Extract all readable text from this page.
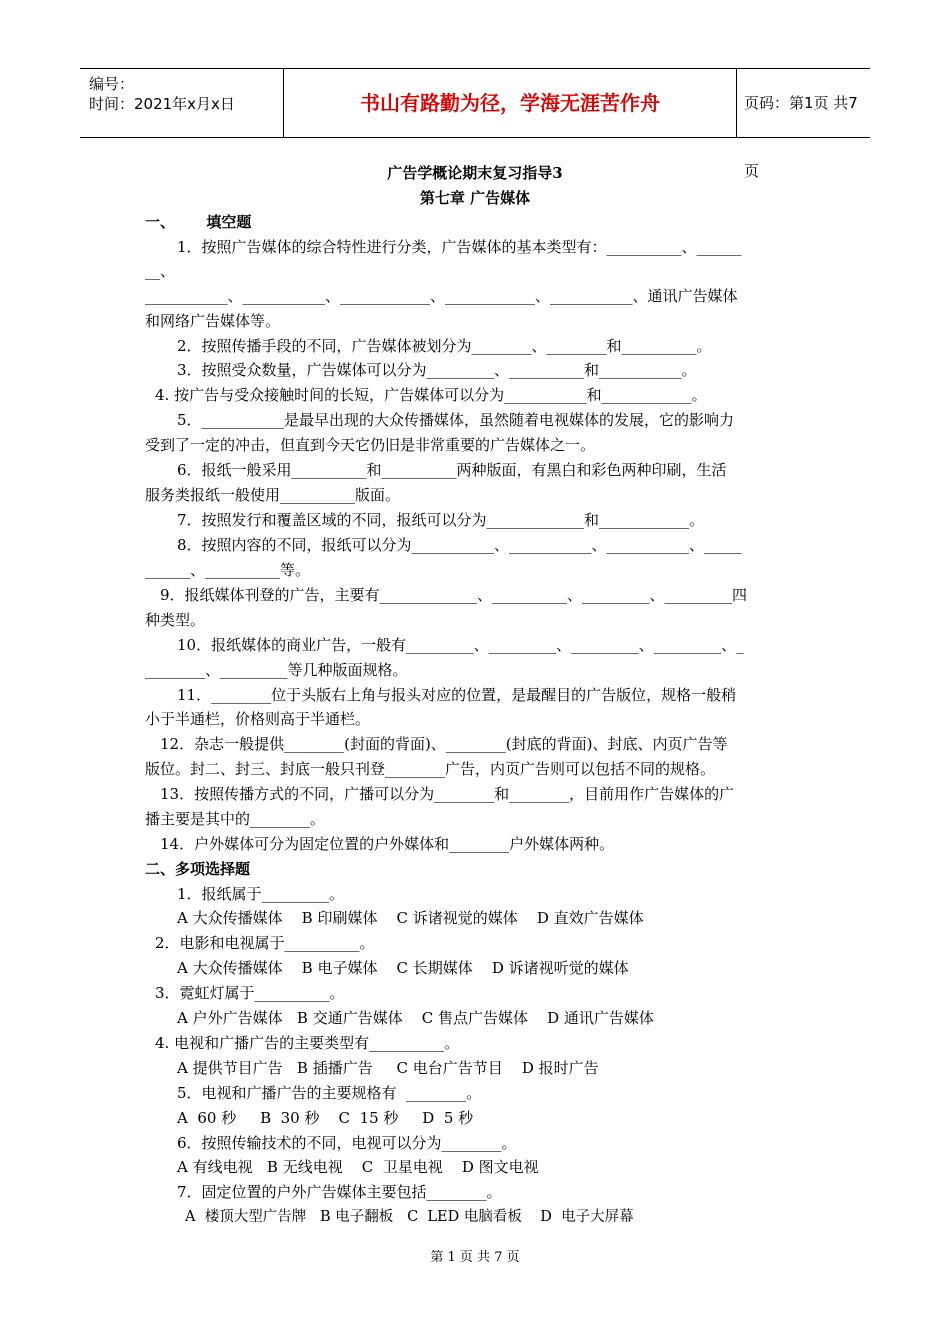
编号：
时间：2021年x月x日	书山有路勤为径，学海无涯苦作舟	页码：第1页 共7页
广告学概论期末复习指导3
第七章 广告媒体
一、      填空题
1．按照广告媒体的综合特性进行分类，广告媒体的基本类型有：__________、______
__、
___________、___________、____________、____________、___________、通讯广告媒体
和网络广告媒体等。
2．按照传播手段的不同，广告媒体被划分为________、________和__________。
3．按照受众数量，广告媒体可以分为_________、__________和___________。
4. 按广告与受众接触时间的长短，广告媒体可以分为___________和____________。
5．___________是最早出现的大众传播媒体，虽然随着电视媒体的发展，它的影响力
受到了一定的冲击，但直到今天它仍旧是非常重要的广告媒体之一。
6．报纸一般采用__________和__________两种版面，有黑白和彩色两种印刷，生活
服务类报纸一般使用__________版面。
7．按照发行和覆盖区域的不同，报纸可以分为_____________和____________。
8．按照内容的不同，报纸可以分为___________、___________、___________、_____
______、__________等。
9．报纸媒体刊登的广告，主要有_____________、__________、_________、_________四
种类型。
10．报纸媒体的商业广告，一般有_________、_________、_________、_________、_
________、_________等几种版面规格。
11．________位于头版右上角与报头对应的位置，是最醒目的广告版位，规格一般稍
小于半通栏，价格则高于半通栏。
12．杂志一般提供________(封面的背面)、________(封底的背面)、封底、内页广告等
版位。封二、封三、封底一般只刊登________广告，内页广告则可以包括不同的规格。
13．按照传播方式的不同，广播可以分为________和________，目前用作广告媒体的广
播主要是其中的________。
14．户外媒体可分为固定位置的户外媒体和________户外媒体两种。
二、多项选择题
1．报纸属于_________。
A 大众传播媒体    B 印刷媒体    C 诉诸视觉的媒体    D 直效广告媒体
2．电影和电视属于__________。
A 大众传播媒体    B 电子媒体    C 长期媒体    D 诉诸视听觉的媒体
3．霓虹灯属于__________。
A 户外广告媒体   B 交通广告媒体    C 售点广告媒体    D 通讯广告媒体
4. 电视和广播广告的主要类型有__________。
A 提供节目广告   B 插播广告     C 电台广告节目    D 报时广告
5．电视和广播广告的主要规格有  ________。
A  60 秒     B  30 秒    C  15 秒     D  5 秒
6．按照传输技术的不同，电视可以分为________。
A 有线电视   B 无线电视    C  卫星电视    D 图文电视
7．固定位置的户外广告媒体主要包括________。
A  楼顶大型广告牌   B 电子翻板   C  LED 电脑看板    D  电子大屏幕
第 1 页 共 7 页
